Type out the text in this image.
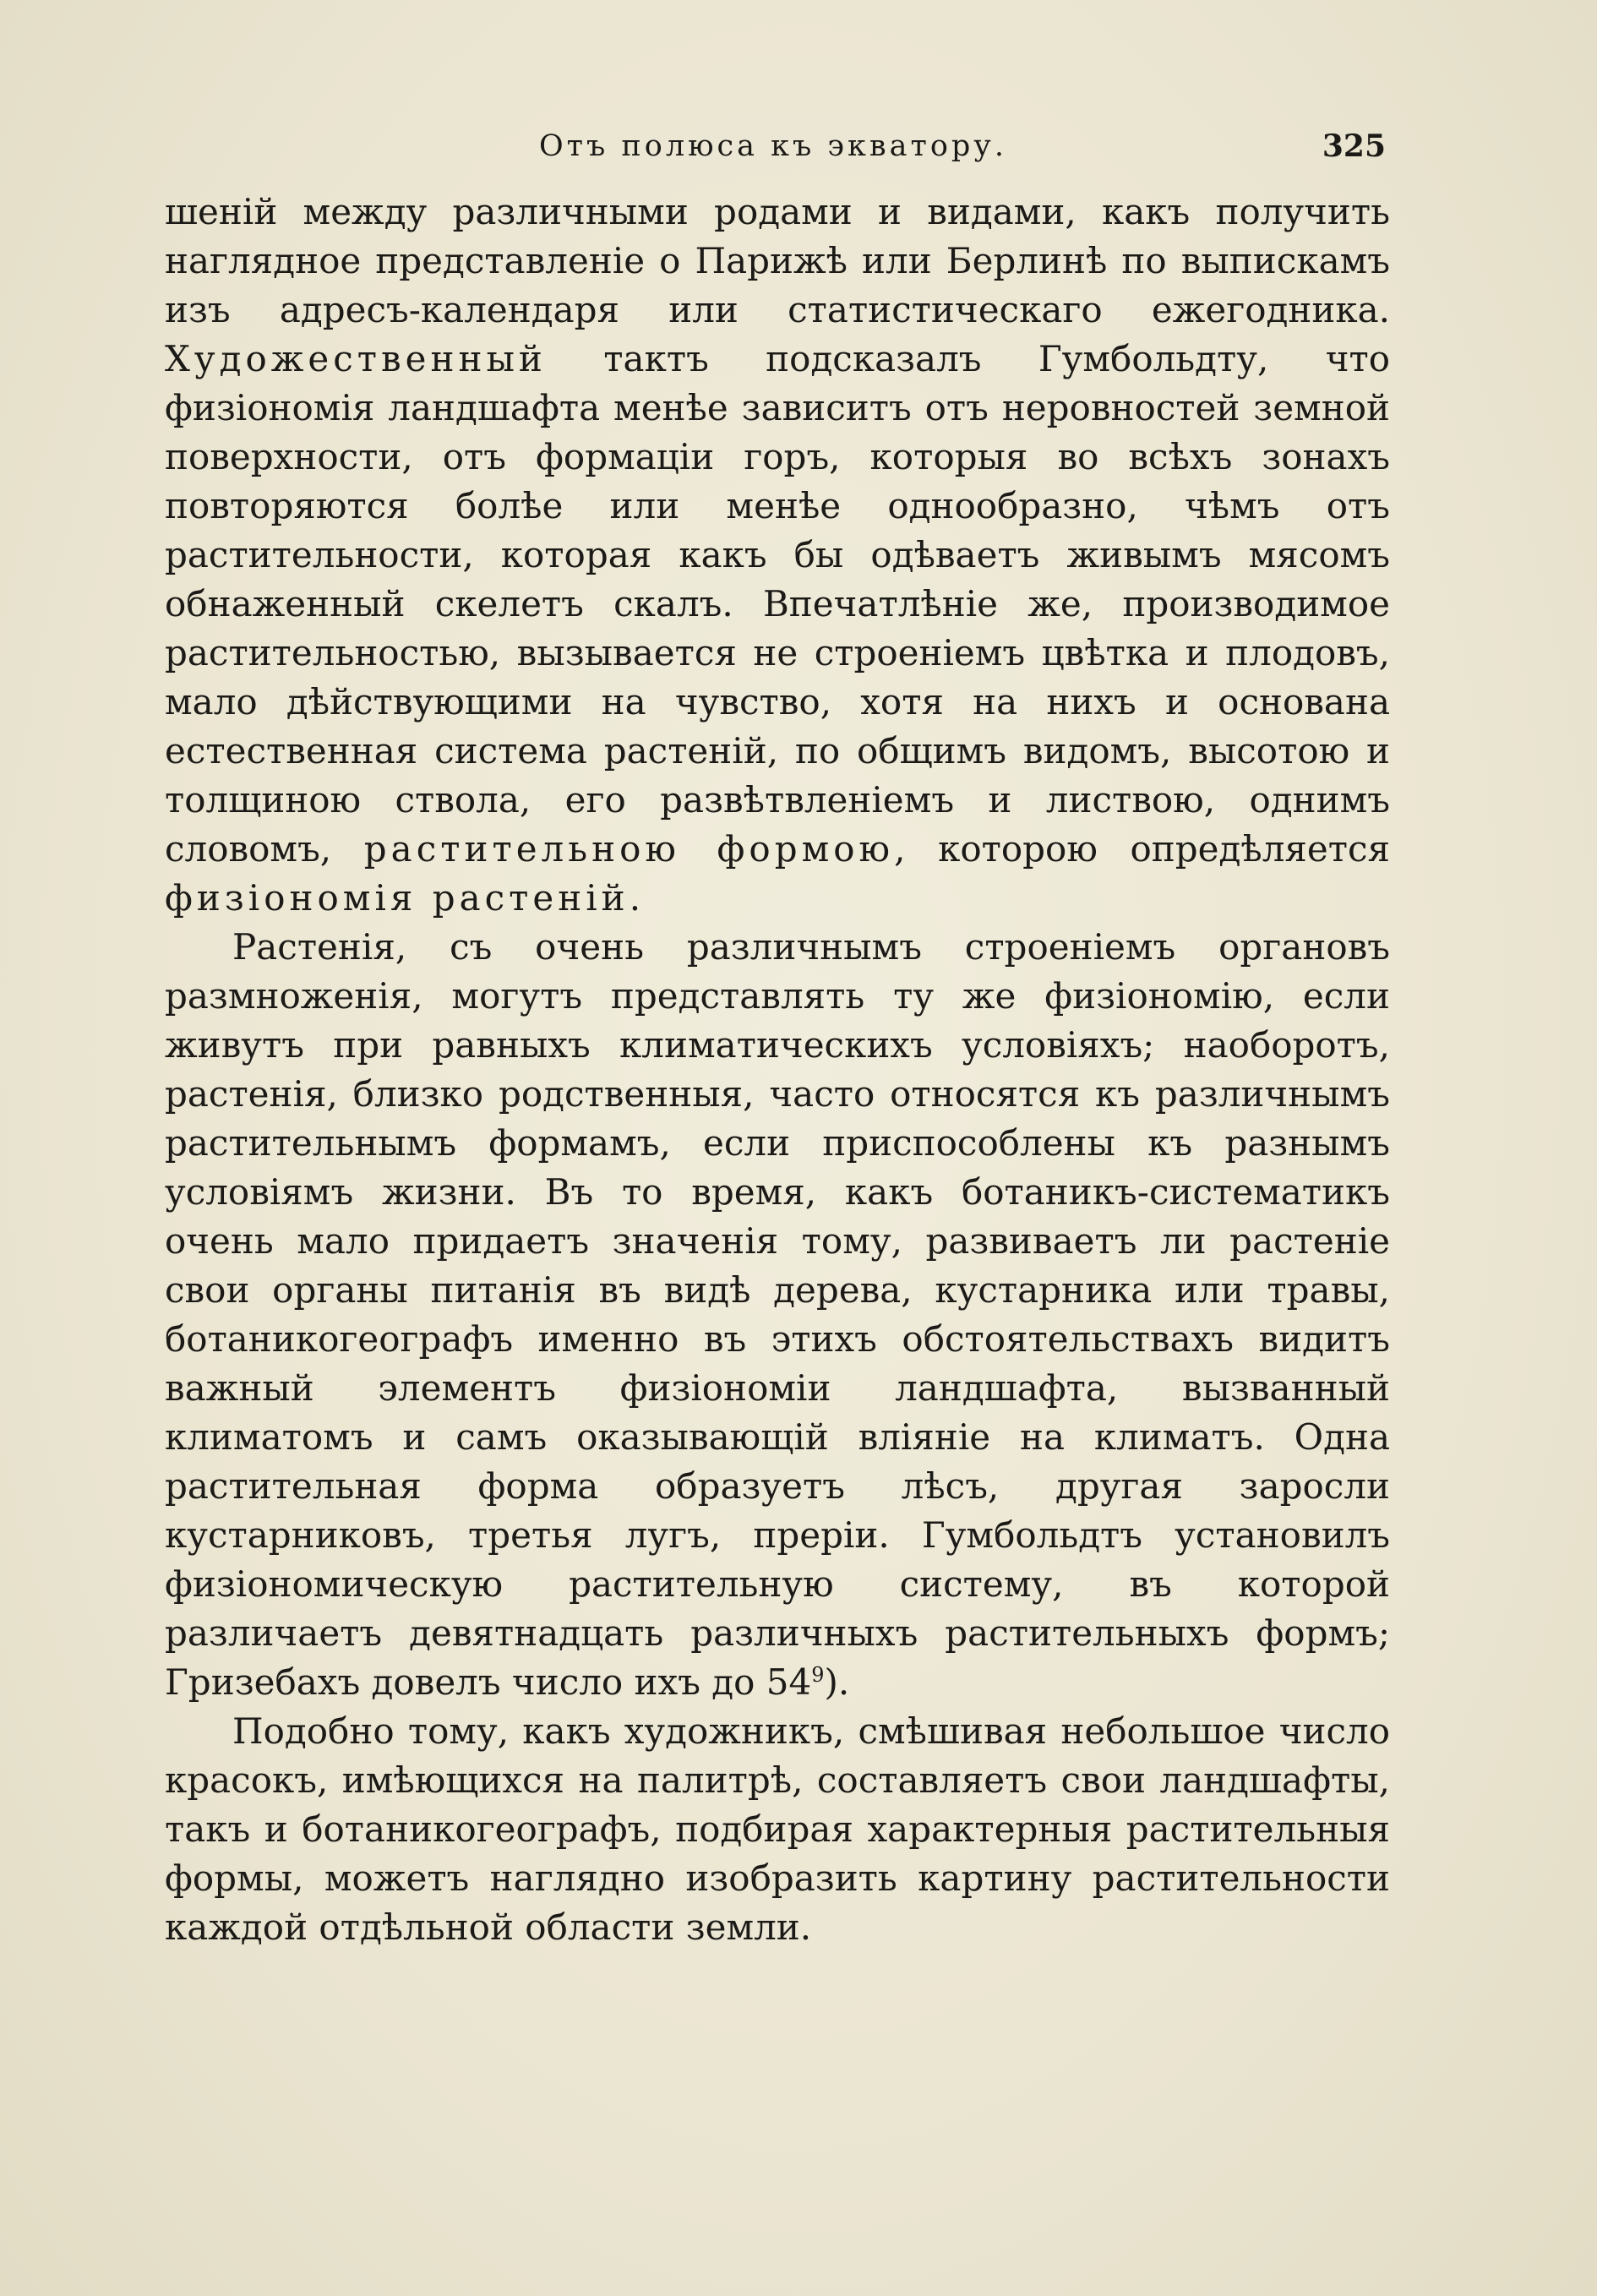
Отъ полюса къ экватору.	325

шеній между различными родами и видами, какъ получить наглядное представленіе о Парижѣ или Берлинѣ по выпискамъ изъ адресъ-календаря или статистическаго ежегодника. Художественный тактъ подсказалъ Гумбольдту, что физіономія ландшафта менѣе зависитъ отъ неровностей земной поверхности, отъ формаціи горъ, которыя во всѣхъ зонахъ повторяются болѣе или менѣе однообразно, чѣмъ отъ растительности, которая какъ бы одѣваетъ живымъ мясомъ обнаженный скелетъ скалъ. Впечатлѣніе же, производимое растительностью, вызывается не строеніемъ цвѣтка и плодовъ, мало дѣйствующими на чувство, хотя на нихъ и основана естественная система растеній, по общимъ видомъ, высотою и толщиною ствола, его развѣтвленіемъ и листвою, однимъ словомъ, растительною формою, которою опредѣляется физіономія растеній.

Растенія, съ очень различнымъ строеніемъ органовъ размноженія, могутъ представлять ту же физіономію, если живутъ при равныхъ климатическихъ условіяхъ; наоборотъ, растенія, близко родственныя, часто относятся къ различнымъ растительнымъ формамъ, если приспособлены къ разнымъ условіямъ жизни. Въ то время, какъ ботаникъ-систематикъ очень мало придаетъ значенія тому, развиваетъ ли растеніе свои органы питанія въ видѣ дерева, кустарника или травы, ботаникогеографъ именно въ этихъ обстоятельствахъ видитъ важный элементъ физіономіи ландшафта, вызванный климатомъ и самъ оказывающій вліяніе на климатъ. Одна растительная форма образуетъ лѣсъ, другая заросли кустарниковъ, третья лугъ, преріи. Гумбольдтъ установилъ физіономическую растительную систему, въ которой различаетъ девятнадцать различныхъ растительныхъ формъ; Гризебахъ довелъ число ихъ до $54^9$).

Подобно тому, какъ художникъ, смѣшивая небольшое число красокъ, имѣющихся на палитрѣ, составляетъ свои ландшафты, такъ и ботаникогеографъ, подбирая характерныя растительныя формы, можетъ наглядно изобразить картину растительности каждой отдѣльной области земли.
